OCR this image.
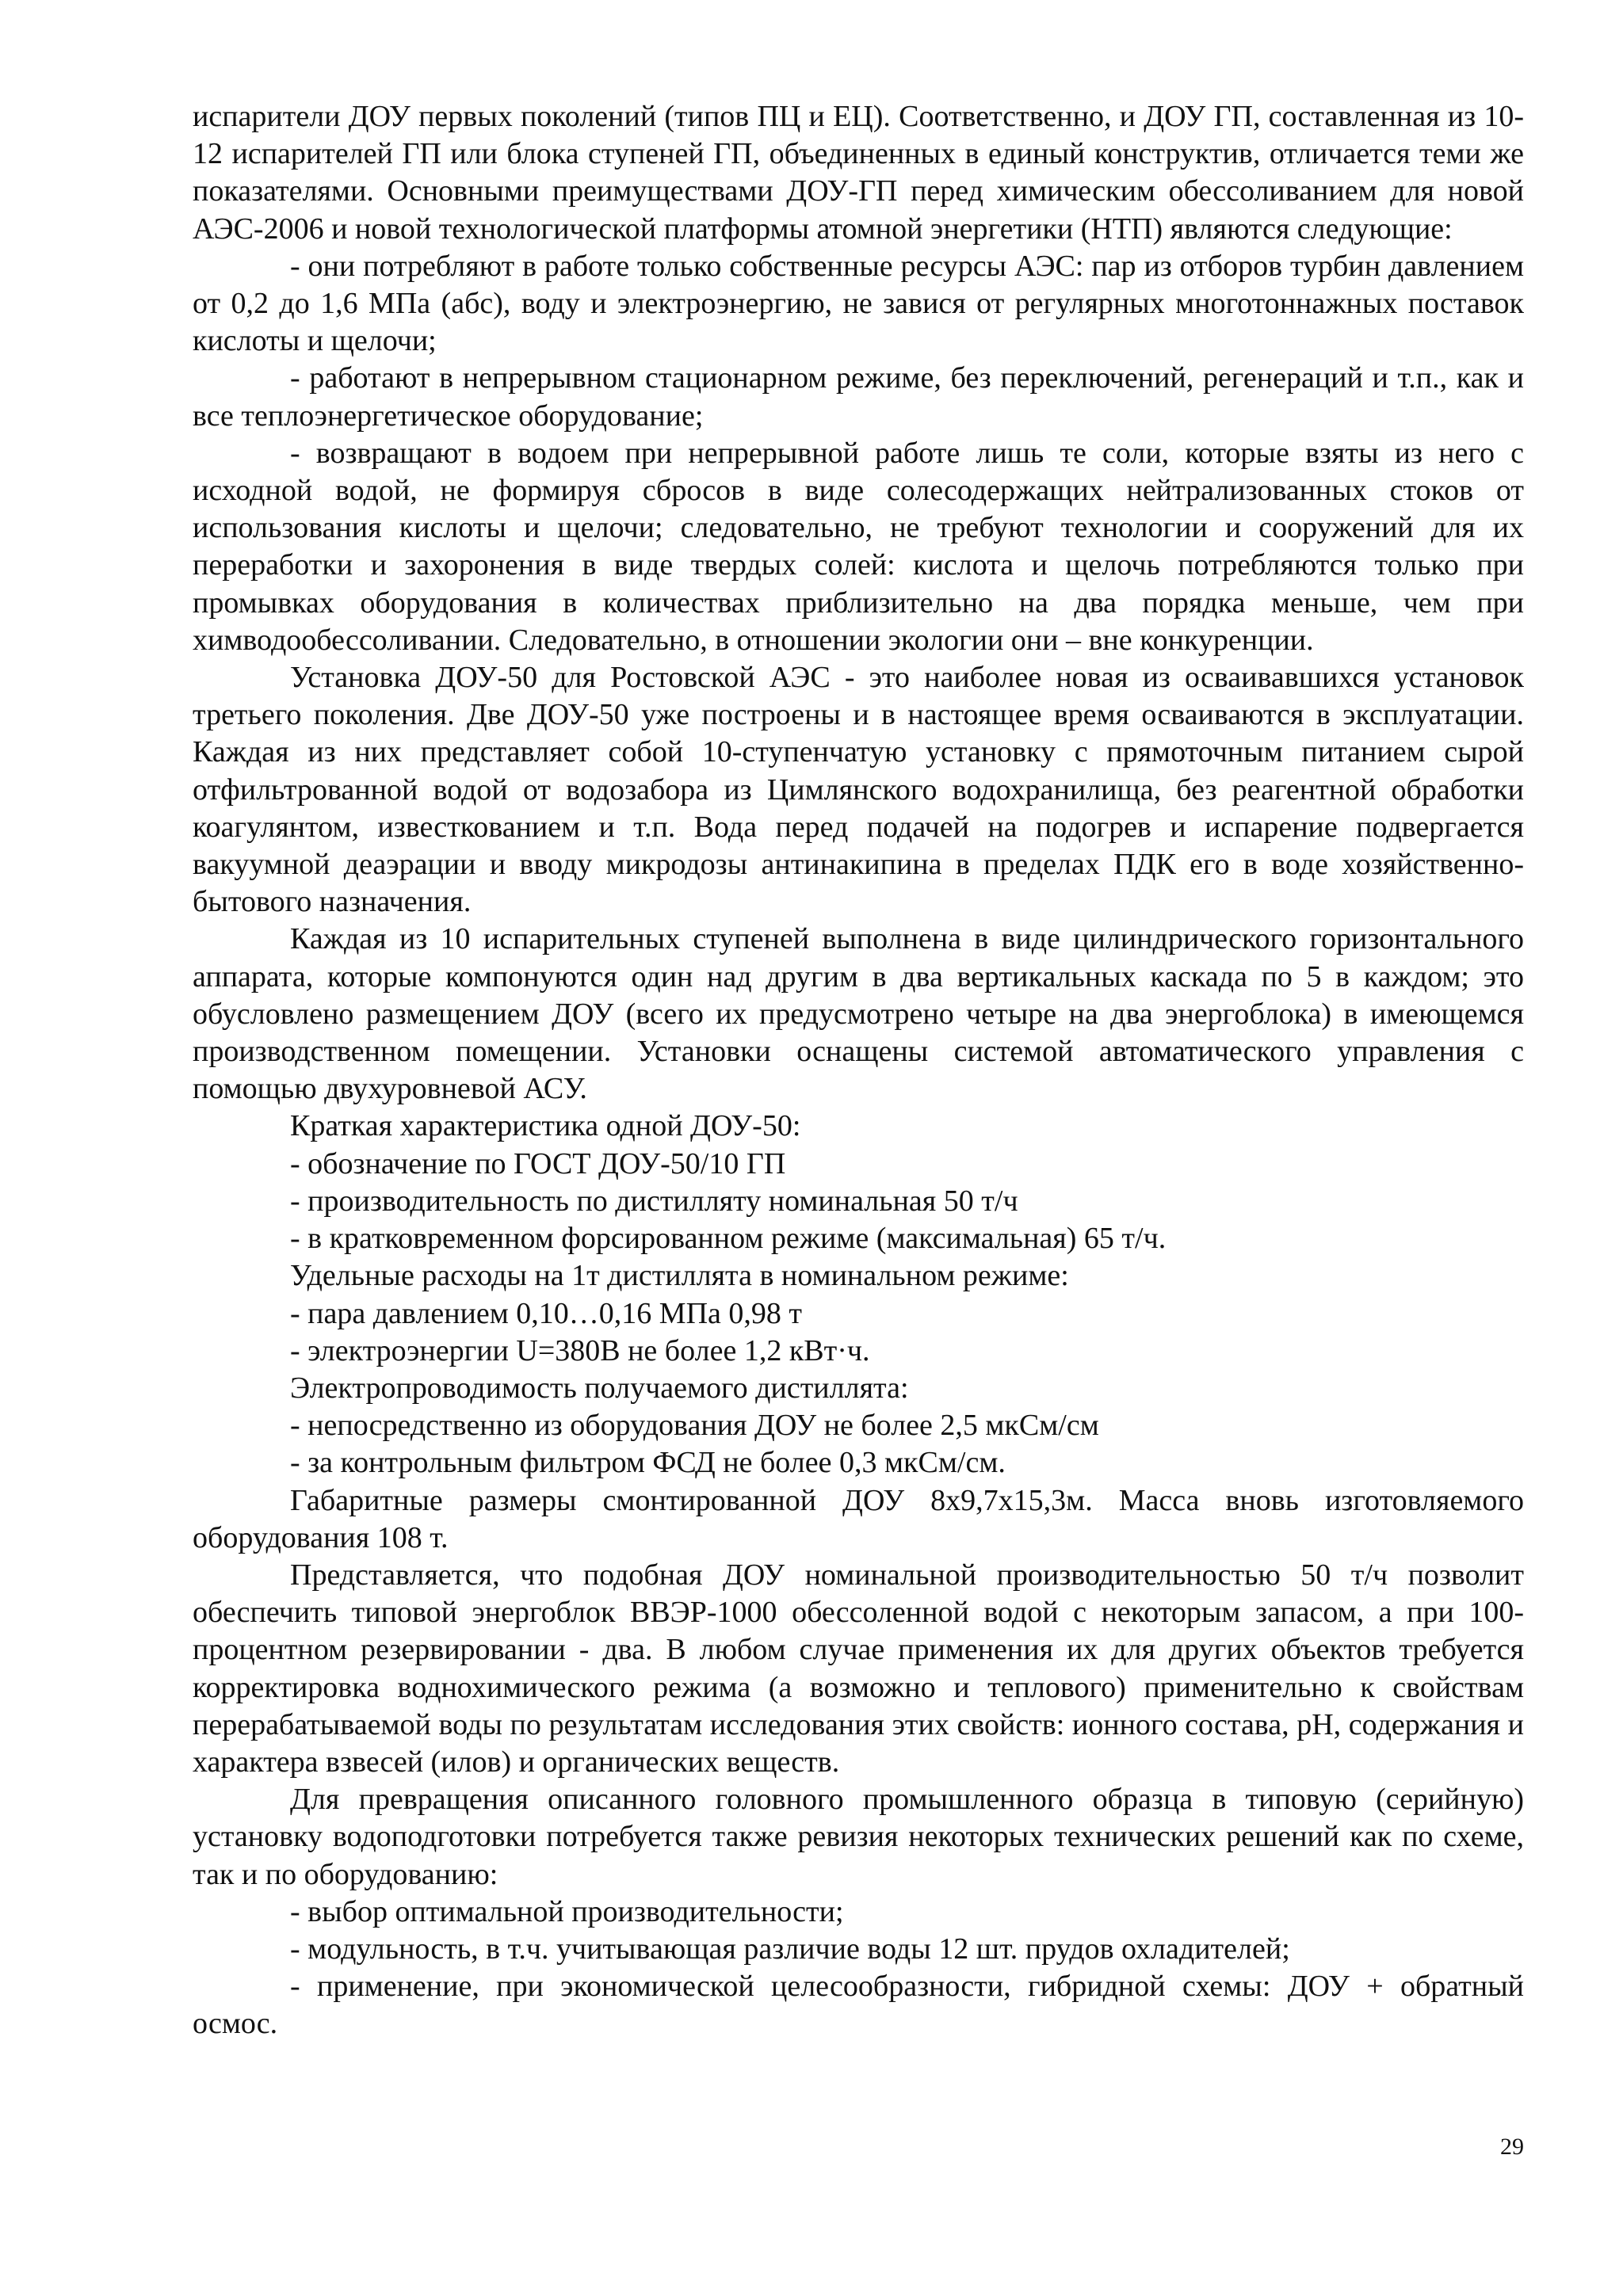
испарители ДОУ первых поколений (типов ПЦ и ЕЦ). Соответственно, и ДОУ ГП, составленная из 10-12 испарителей ГП или блока ступеней ГП, объединенных в единый конструктив, отличается теми же показателями. Основными преимуществами ДОУ-ГП перед химическим обессоливанием для новой АЭС-2006 и новой технологической платформы атомной энергетики (НТП) являются следующие:

- они потребляют в работе только собственные ресурсы АЭС: пар из отборов турбин давлением от 0,2 до 1,6 МПа (абс), воду и электроэнергию, не завися от регулярных многотоннажных поставок кислоты и щелочи;

- работают в непрерывном стационарном режиме, без переключений, регенераций и т.п., как и все теплоэнергетическое оборудование;

- возвращают в водоем при непрерывной работе лишь те соли, которые взяты из него с исходной водой, не формируя сбросов в виде солесодержащих нейтрализованных стоков от использования кислоты и щелочи; следовательно, не требуют технологии и сооружений для их переработки и захоронения в виде твердых солей: кислота и щелочь потребляются только при промывках оборудования в количествах приблизительно на два порядка меньше, чем при химводообессоливании. Следовательно, в отношении экологии они – вне конкуренции.

Установка ДОУ-50 для Ростовской АЭС - это наиболее новая из осваивавшихся установок третьего поколения. Две ДОУ-50 уже построены и в настоящее время осваиваются в эксплуатации. Каждая из них представляет собой 10-ступенчатую установку с прямоточным питанием сырой отфильтрованной водой от водозабора из Цимлянского водохранилища, без реагентной обработки коагулянтом, известкованием и т.п. Вода перед подачей на подогрев и испарение подвергается вакуумной деаэрации и вводу микродозы антинакипина в пределах ПДК его в воде хозяйственно-бытового назначения.

Каждая из 10 испарительных ступеней выполнена в виде цилиндрического горизонтального аппарата, которые компонуются один над другим в два вертикальных каскада по 5 в каждом; это обусловлено размещением ДОУ (всего их предусмотрено четыре на два энергоблока) в имеющемся производственном помещении. Установки оснащены системой автоматического управления с помощью двухуровневой АСУ.

Краткая характеристика одной ДОУ-50:

- обозначение по ГОСТ ДОУ-50/10 ГП

- производительность по дистилляту номинальная 50 т/ч

- в кратковременном форсированном режиме (максимальная) 65 т/ч.

Удельные расходы на 1т дистиллята в номинальном режиме:

- пара давлением 0,10…0,16 МПа 0,98 т

- электроэнергии U=380В не более 1,2 кВт·ч.

Электропроводимость получаемого дистиллята:

- непосредственно из оборудования ДОУ не более 2,5 мкСм/см

- за контрольным фильтром ФСД не более 0,3 мкСм/см.

Габаритные размеры смонтированной ДОУ 8х9,7х15,3м. Масса вновь изготовляемого оборудования 108 т.

Представляется, что подобная ДОУ номинальной производительностью 50 т/ч позволит обеспечить типовой энергоблок ВВЭР-1000 обессоленной водой с некоторым запасом, а при 100-процентном резервировании - два. В любом случае применения их для других объектов требуется корректировка воднохимического режима (а возможно и теплового) применительно к свойствам перерабатываемой воды по результатам исследования этих свойств: ионного состава, рН, содержания и характера взвесей (илов) и органических веществ.

Для превращения описанного головного промышленного образца в типовую (серийную) установку водоподготовки потребуется также ревизия некоторых технических решений как по схеме, так и по оборудованию:

- выбор оптимальной производительности;

- модульность, в т.ч. учитывающая различие воды 12 шт. прудов охладителей;

- применение, при экономической целесообразности, гибридной схемы: ДОУ + обратный осмос.

29
